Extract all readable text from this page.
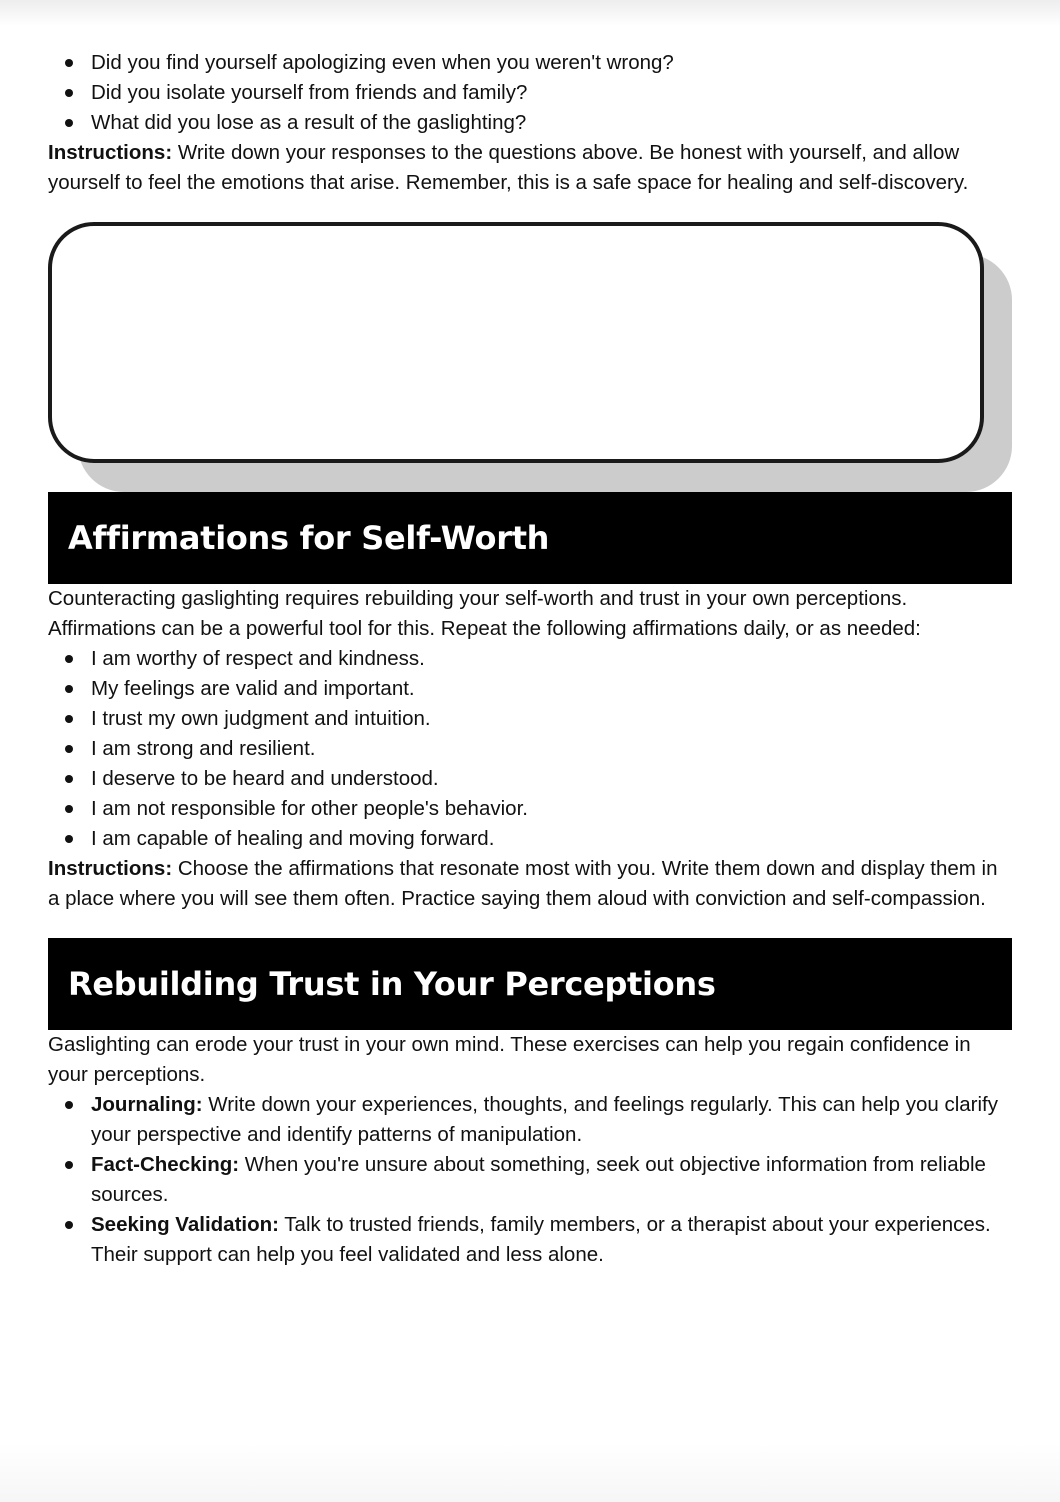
Did you find yourself apologizing even when you weren't wrong?
Did you isolate yourself from friends and family?
What did you lose as a result of the gaslighting?

Instructions: Write down your responses to the questions above. Be honest with yourself, and allow yourself to feel the emotions that arise. Remember, this is a safe space for healing and self-discovery.

Affirmations for Self-Worth

Counteracting gaslighting requires rebuilding your self-worth and trust in your own perceptions. Affirmations can be a powerful tool for this. Repeat the following affirmations daily, or as needed:

I am worthy of respect and kindness.
My feelings are valid and important.
I trust my own judgment and intuition.
I am strong and resilient.
I deserve to be heard and understood.
I am not responsible for other people's behavior.
I am capable of healing and moving forward.

Instructions: Choose the affirmations that resonate most with you. Write them down and display them in a place where you will see them often. Practice saying them aloud with conviction and self-compassion.

Rebuilding Trust in Your Perceptions

Gaslighting can erode your trust in your own mind. These exercises can help you regain confidence in your perceptions.

Journaling: Write down your experiences, thoughts, and feelings regularly. This can help you clarify your perspective and identify patterns of manipulation.
Fact-Checking: When you're unsure about something, seek out objective information from reliable sources.
Seeking Validation: Talk to trusted friends, family members, or a therapist about your experiences. Their support can help you feel validated and less alone.
